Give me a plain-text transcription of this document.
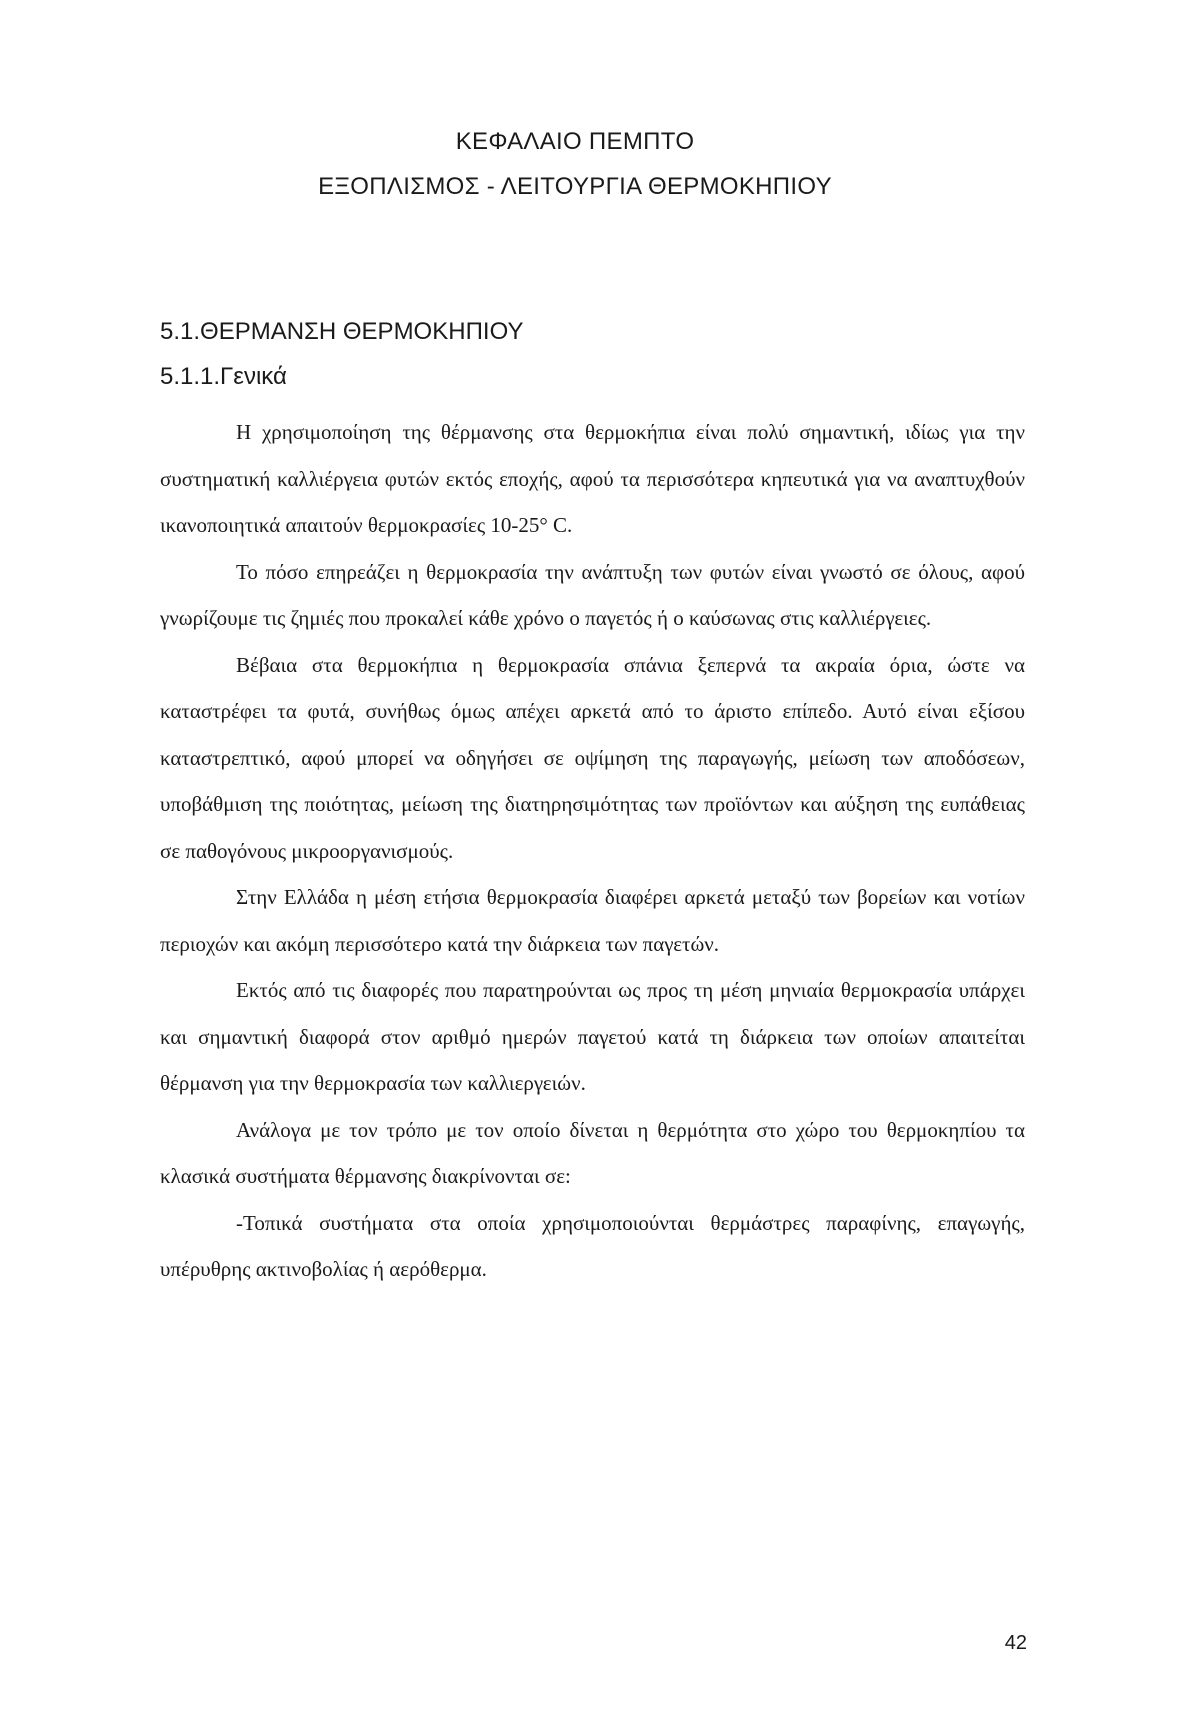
ΚΕΦΑΛΑΙΟ ΠΕΜΠΤΟ
ΕΞΟΠΛΙΣΜΟΣ - ΛΕΙΤΟΥΡΓΙΑ ΘΕΡΜΟΚΗΠΙΟΥ
5.1.ΘΕΡΜΑΝΣΗ ΘΕΡΜΟΚΗΠΙΟΥ
5.1.1.Γενικά

Η χρησιμοποίηση της θέρμανσης στα θερμοκήπια είναι πολύ σημαντική, ιδίως για την συστηματική καλλιέργεια φυτών εκτός εποχής, αφού τα περισσότερα κηπευτικά για να αναπτυχθούν ικανοποιητικά απαιτούν θερμοκρασίες 10-25° C.

Το πόσο επηρεάζει η θερμοκρασία την ανάπτυξη των φυτών είναι γνωστό σε όλους, αφού γνωρίζουμε τις ζημιές που προκαλεί κάθε χρόνο ο παγετός ή ο καύσωνας στις καλλιέργειες.

Βέβαια στα θερμοκήπια η θερμοκρασία σπάνια ξεπερνά τα ακραία όρια, ώστε να καταστρέφει τα φυτά, συνήθως όμως απέχει αρκετά από το άριστο επίπεδο. Αυτό είναι εξίσου καταστρεπτικό, αφού μπορεί να οδηγήσει σε οψίμηση της παραγωγής, μείωση των αποδόσεων, υποβάθμιση της ποιότητας, μείωση της διατηρησιμότητας των προϊόντων και αύξηση της ευπάθειας σε παθογόνους μικροοργανισμούς.

Στην Ελλάδα η μέση ετήσια θερμοκρασία διαφέρει αρκετά μεταξύ των βορείων και νοτίων περιοχών και ακόμη περισσότερο κατά την διάρκεια των παγετών.

Εκτός από τις διαφορές που παρατηρούνται ως προς τη μέση μηνιαία θερμοκρασία υπάρχει και σημαντική διαφορά στον αριθμό ημερών παγετού κατά τη διάρκεια των οποίων απαιτείται θέρμανση για την θερμοκρασία των καλλιεργειών.

Ανάλογα με τον τρόπο με τον οποίο δίνεται η θερμότητα στο χώρο του θερμοκηπίου τα κλασικά συστήματα θέρμανσης διακρίνονται σε:

-Τοπικά συστήματα στα οποία χρησιμοποιούνται θερμάστρες παραφίνης, επαγωγής, υπέρυθρης ακτινοβολίας ή αερόθερμα.

42
